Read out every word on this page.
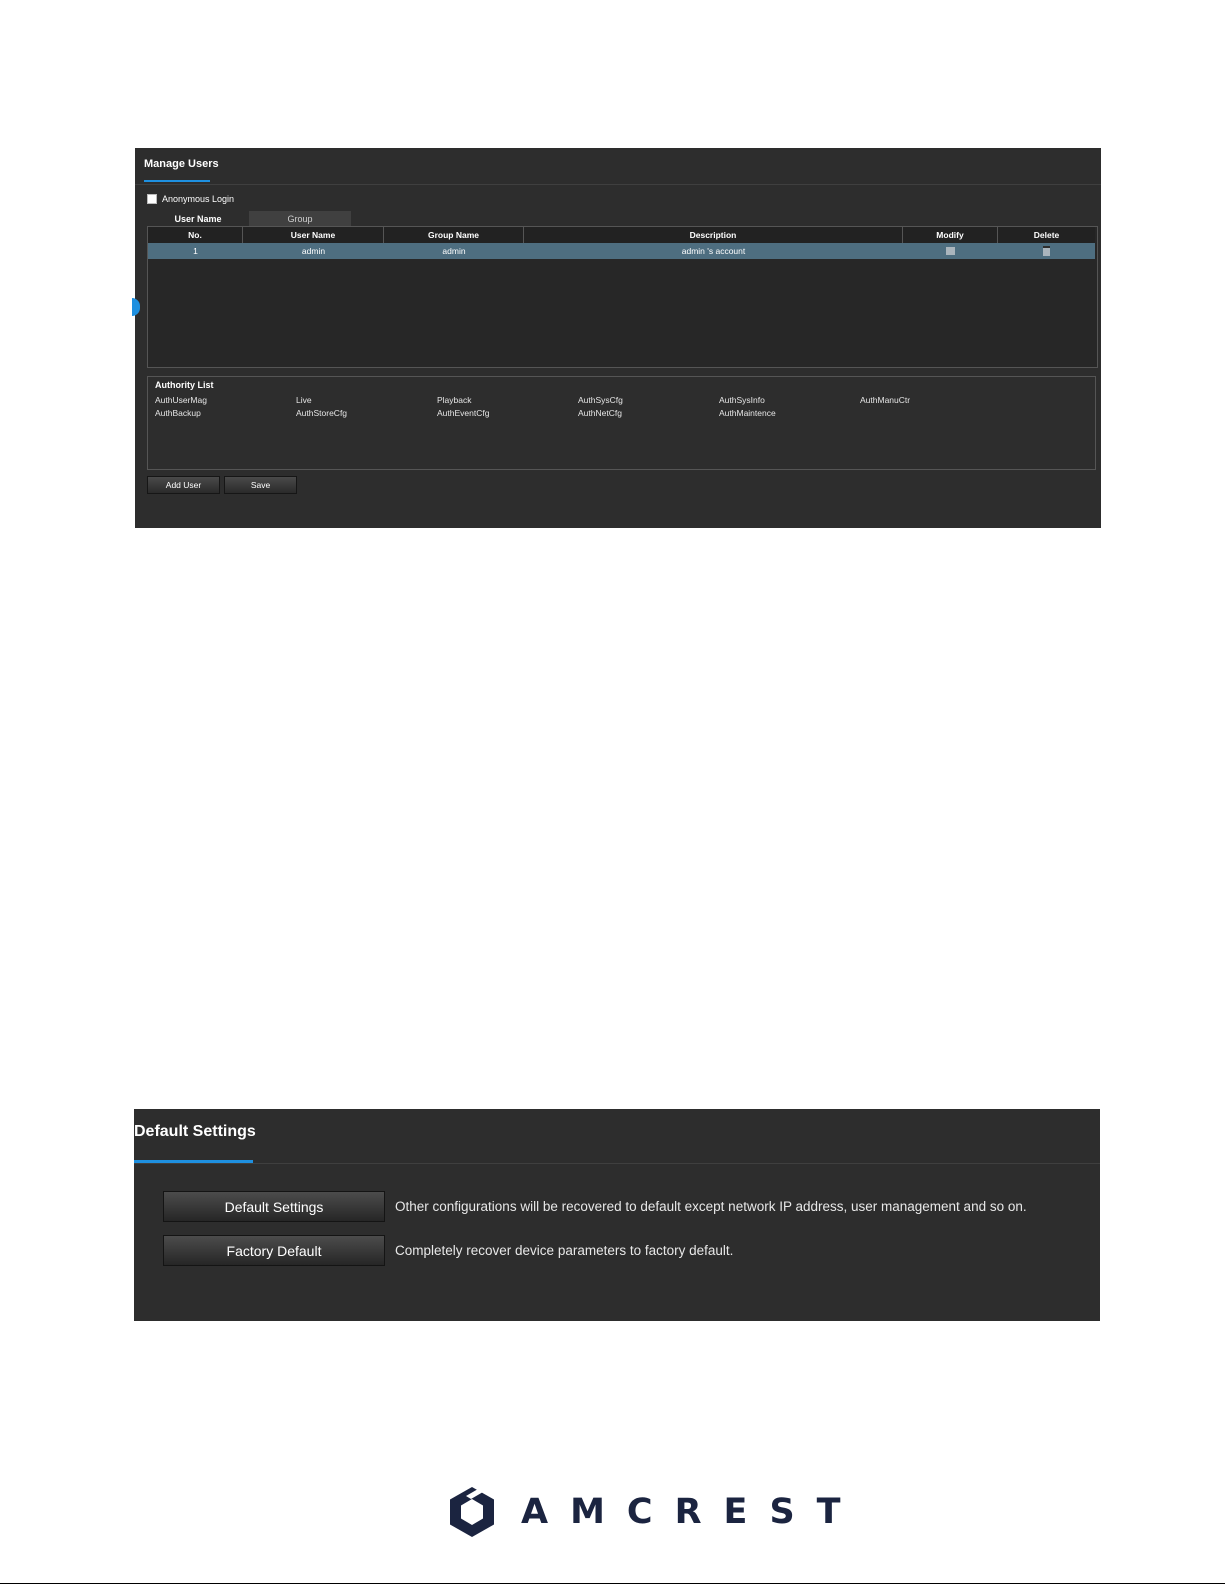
Manage Users
Anonymous Login
User Name	Group
No.	User Name	Group Name	Description	Modify	Delete
1	admin	admin	admin 's account
Authority List
AuthUserMag	Live	Playback	AuthSysCfg	AuthSysInfo	AuthManuCtr
AuthBackup	AuthStoreCfg	AuthEventCfg	AuthNetCfg	AuthMaintence
Add User	Save
Default Settings
Default Settings	Other configurations will be recovered to default except network IP address, user management and so on.
Factory Default	Completely recover device parameters to factory default.
AMCREST
